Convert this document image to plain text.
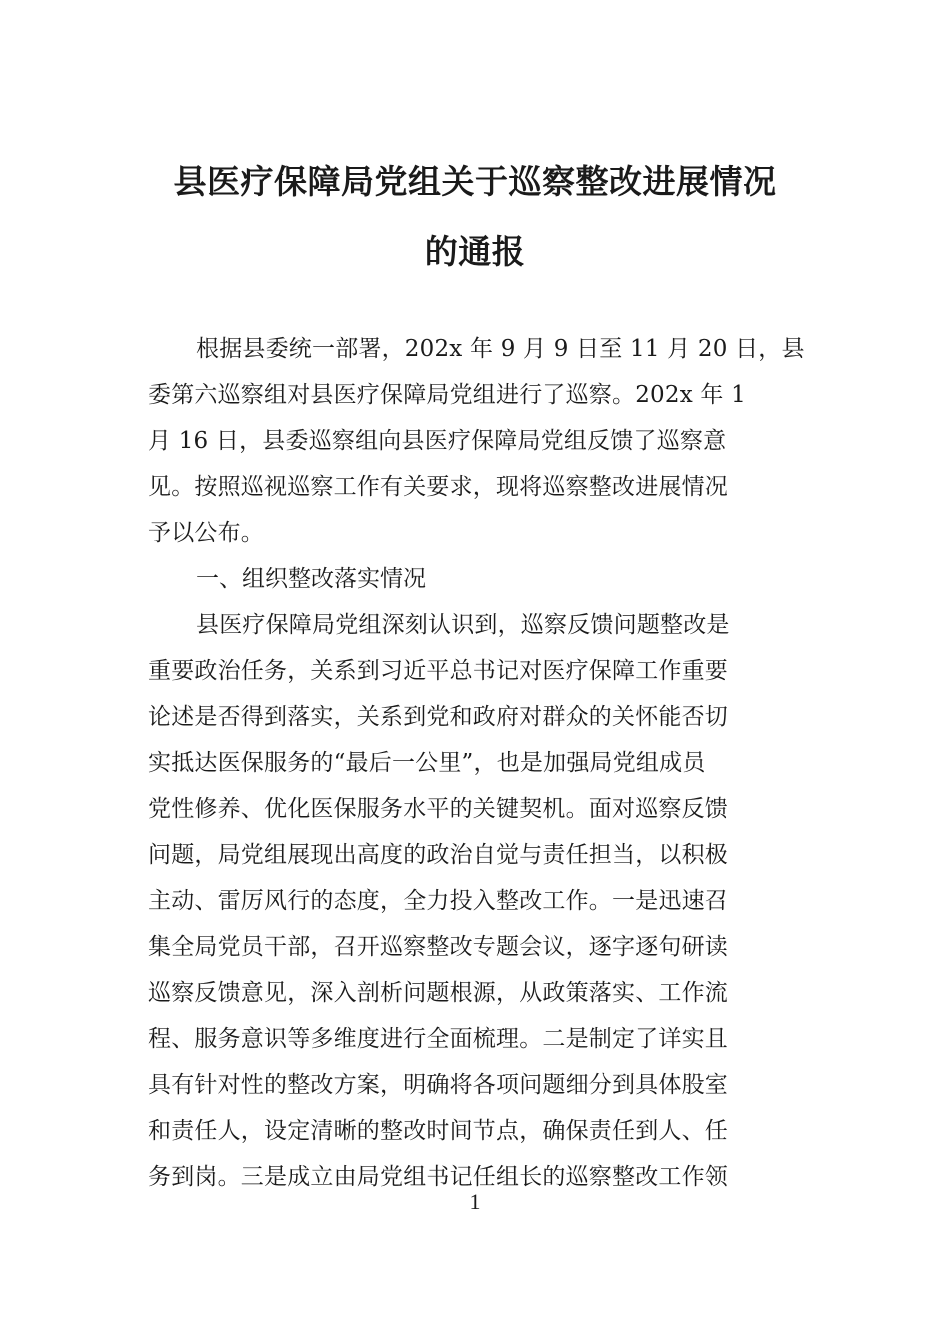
县医疗保障局党组关于巡察整改进展情况
的通报
根据县委统一部署，202x 年 9 月 9 日至 11 月 20 日，县
委第六巡察组对县医疗保障局党组进行了巡察。202x 年 1
月 16 日，县委巡察组向县医疗保障局党组反馈了巡察意
见。按照巡视巡察工作有关要求，现将巡察整改进展情况
予以公布。
一、组织整改落实情况
县医疗保障局党组深刻认识到，巡察反馈问题整改是
重要政治任务，关系到习近平总书记对医疗保障工作重要
论述是否得到落实，关系到党和政府对群众的关怀能否切
实抵达医保服务的“最后一公里”，也是加强局党组成员
党性修养、优化医保服务水平的关键契机。面对巡察反馈
问题，局党组展现出高度的政治自觉与责任担当，以积极
主动、雷厉风行的态度，全力投入整改工作。一是迅速召
集全局党员干部，召开巡察整改专题会议，逐字逐句研读
巡察反馈意见，深入剖析问题根源，从政策落实、工作流
程、服务意识等多维度进行全面梳理。二是制定了详实且
具有针对性的整改方案，明确将各项问题细分到具体股室
和责任人，设定清晰的整改时间节点，确保责任到人、任
务到岗。三是成立由局党组书记任组长的巡察整改工作领
1
